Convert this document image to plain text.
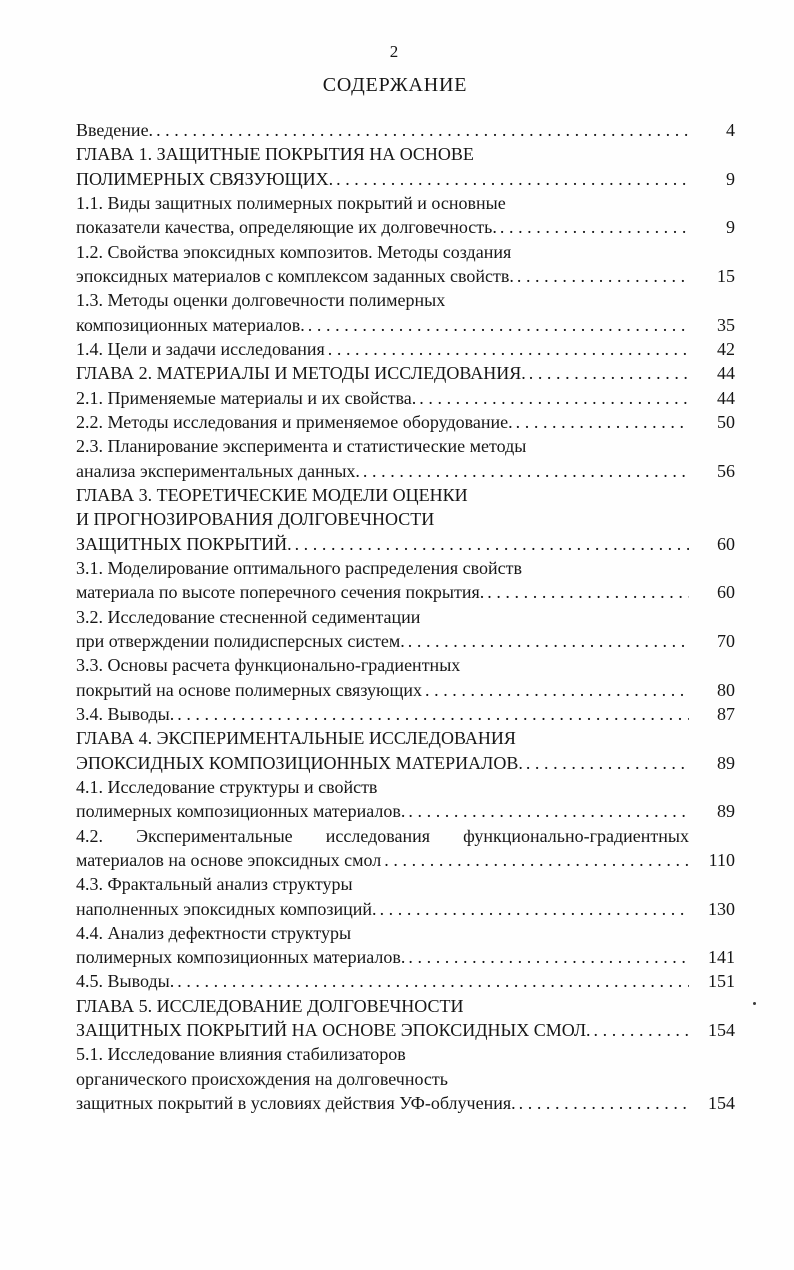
2
СОДЕРЖАНИЕ
Введение. .....	4
ГЛАВА 1. ЗАЩИТНЫЕ ПОКРЫТИЯ НА ОСНОВЕ
ПОЛИМЕРНЫХ СВЯЗУЮЩИХ. .....	9
1.1. Виды защитных полимерных покрытий и основные
показатели качества, определяющие их долговечность. .....	9
1.2. Свойства эпоксидных композитов. Методы создания
эпоксидных материалов с комплексом заданных свойств. .....	15
1.3. Методы оценки долговечности полимерных
композиционных материалов. .....	35
1.4. Цели и задачи исследования .....	42
ГЛАВА 2. МАТЕРИАЛЫ И МЕТОДЫ ИССЛЕДОВАНИЯ. .....	44
2.1. Применяемые материалы и их свойства. .....	44
2.2. Методы исследования и применяемое оборудование. .....	50
2.3. Планирование эксперимента и статистические методы
анализа экспериментальных данных. .....	56
ГЛАВА 3. ТЕОРЕТИЧЕСКИЕ МОДЕЛИ ОЦЕНКИ
И ПРОГНОЗИРОВАНИЯ ДОЛГОВЕЧНОСТИ
ЗАЩИТНЫХ ПОКРЫТИЙ. .....	60
3.1. Моделирование оптимального распределения свойств
материала по высоте поперечного сечения покрытия. .....	60
3.2. Исследование стесненной седиментации
при отверждении полидисперсных систем. .....	70
3.3. Основы расчета функционально-градиентных
покрытий на основе полимерных связующих .....	80
3.4. Выводы. .....	87
ГЛАВА 4. ЭКСПЕРИМЕНТАЛЬНЫЕ ИССЛЕДОВАНИЯ
ЭПОКСИДНЫХ КОМПОЗИЦИОННЫХ МАТЕРИАЛОВ. .....	89
4.1. Исследование структуры и свойств
полимерных композиционных материалов. .....	89
4.2. Экспериментальные исследования функционально-градиентных
материалов на основе эпоксидных смол .....	110
4.3. Фрактальный анализ структуры
наполненных эпоксидных композиций. .....	130
4.4. Анализ дефектности структуры
полимерных композиционных материалов. .....	141
4.5. Выводы. .....	151
ГЛАВА 5. ИССЛЕДОВАНИЕ ДОЛГОВЕЧНОСТИ
ЗАЩИТНЫХ ПОКРЫТИЙ НА ОСНОВЕ ЭПОКСИДНЫХ СМОЛ. .....	154
5.1. Исследование влияния стабилизаторов
органического происхождения на долговечность
защитных покрытий в условиях действия УФ-облучения. .....	154
